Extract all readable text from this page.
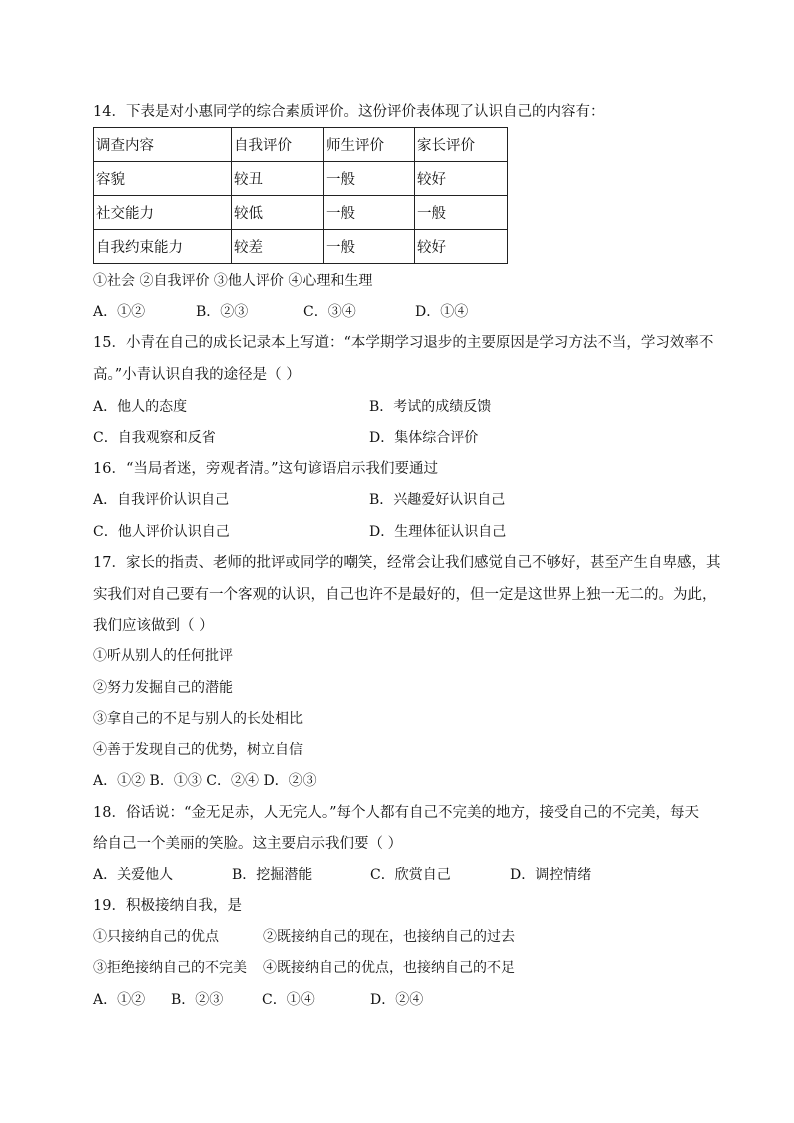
14．下表是对小惠同学的综合素质评价。这份评价表体现了认识自己的内容有：
调查内容	自我评价	师生评价	家长评价
容貌	较丑	一般	较好
社交能力	较低	一般	一般
自我约束能力	较差	一般	较好
①社会 ②自我评价 ③他人评价 ④心理和生理
A．①②	B．②③	C．③④	D．①④
15．小青在自己的成长记录本上写道：“本学期学习退步的主要原因是学习方法不当，学习效率不
高。”小青认识自我的途径是（ ）
A．他人的态度	B．考试的成绩反馈
C．自我观察和反省	D．集体综合评价
16．“当局者迷，旁观者清。”这句谚语启示我们要通过
A．自我评价认识自己	B．兴趣爱好认识自己
C．他人评价认识自己	D．生理体征认识自己
17．家长的指责、老师的批评或同学的嘲笑，经常会让我们感觉自己不够好，甚至产生自卑感，其
实我们对自己要有一个客观的认识，自己也许不是最好的，但一定是这世界上独一无二的。为此，
我们应该做到（ ）
①听从别人的任何批评
②努力发掘自己的潜能
③拿自己的不足与别人的长处相比
④善于发现自己的优势，树立自信
A．①② B．①③ C．②④ D．②③
18．俗话说：“金无足赤，人无完人。”每个人都有自己不完美的地方，接受自己的不完美，每天
给自己一个美丽的笑脸。这主要启示我们要（ ）
A．关爱他人	B．挖掘潜能	C．欣赏自己	D．调控情绪
19．积极接纳自我，是
①只接纳自己的优点	②既接纳自己的现在，也接纳自己的过去
③拒绝接纳自己的不完美 ④既接纳自己的优点，也接纳自己的不足
A．①② B．②③	C．①④	D．②④
